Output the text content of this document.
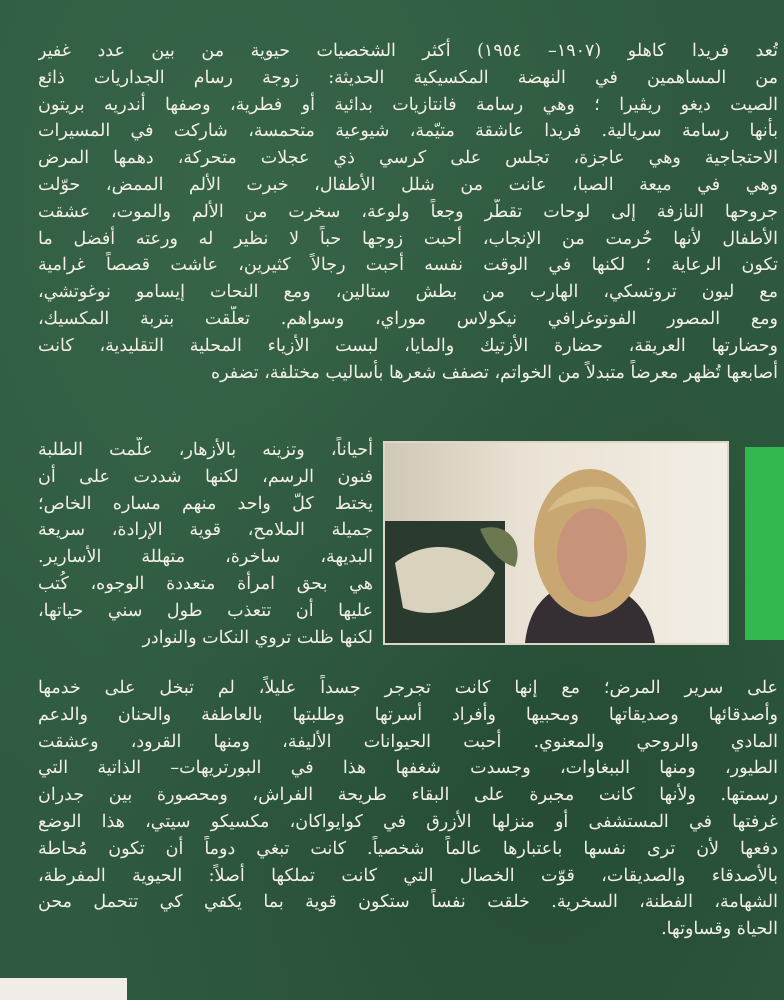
تُعد فريدا كاهلو (١٩٠٧– ١٩٥٤) أكثر الشخصيات حيوية من بين عدد غفير
من المساهمين في النهضة المكسيكية الحديثة: زوجة رسام الجداريات ذائع
الصيت ديغو ريڤيرا ؛ وهي رسامة فانتازيات بدائية أو فطرية، وصفها أندريه بريتون
بأنها رسامة سريالية. فريدا عاشقة متيّمة، شيوعية متحمسة، شاركت في المسيرات
الاحتجاجية وهي عاجزة، تجلس على كرسي ذي عجلات متحركة، دهمها المرض
وهي في ميعة الصبا، عانت من شلل الأطفال، خبرت الألم الممض، حوّلت
جروحها النازفة إلى لوحات تقطّر وجعاً ولوعة، سخرت من الألم والموت، عشقت
الأطفال لأنها حُرمت من الإنجاب، أحبت زوجها حباً لا نظير له ورعته أفضل ما
تكون الرعاية ؛ لكنها في الوقت نفسه أحبت رجالاً كثيرين، عاشت قصصاً غرامية
مع ليون تروتسكي، الهارب من بطش ستالين، ومع النحات إيسامو نوغوتشي،
ومع المصور الفوتوغرافي نيكولاس موراي، وسواهم. تعلّقت بتربة المكسيك،
وحضارتها العريقة، حضارة الأزتيك والمايا، لبست الأزياء المحلية التقليدية، كانت
أصابعها تُظهر معرضاً متبدلاً من الخواتم، تصفف شعرها بأساليب مختلفة، تضفره
أحياناً، وتزينه بالأزهار، علّمت الطلبة
فنون الرسم، لكنها شددت على أن
يختط كلّ واحد منهم مساره الخاص؛
جميلة الملامح، قوية الإرادة، سريعة
البديهة، ساخرة، متهللة الأسارير.
هي بحق امرأة متعددة الوجوه، كُتب
عليها أن تتعذب طول سني حياتها،
لكنها ظلت تروي النكات والنوادر
على سرير المرض؛ مع إنها كانت تجرجر جسداً عليلاً، لم تبخل على خدمها
وأصدقائها وصديقاتها ومحبيها وأفراد أسرتها وطلبتها بالعاطفة والحنان والدعم
المادي والروحي والمعنوي. أحبت الحيوانات الأليفة، ومنها القرود، وعشقت
الطيور، ومنها الببغاوات، وجسدت شغفها هذا في البورتريهات– الذاتية التي
رسمتها. ولأنها كانت مجبرة على البقاء طريحة الفراش، ومحصورة بين جدران
غرفتها في المستشفى أو منزلها الأزرق في كوايواكان، مكسيكو سيتي، هذا الوضع
دفعها لأن ترى نفسها باعتبارها عالماً شخصياً. كانت تبغي دوماً أن تكون مُحاطة
بالأصدقاء والصديقات، قوّت الخصال التي كانت تملكها أصلاً: الحيوية المفرطة،
الشهامة، الفطنة، السخرية. خلقت نفساً ستكون قوية بما يكفي كي تتحمل محن
الحياة وقساوتها.
